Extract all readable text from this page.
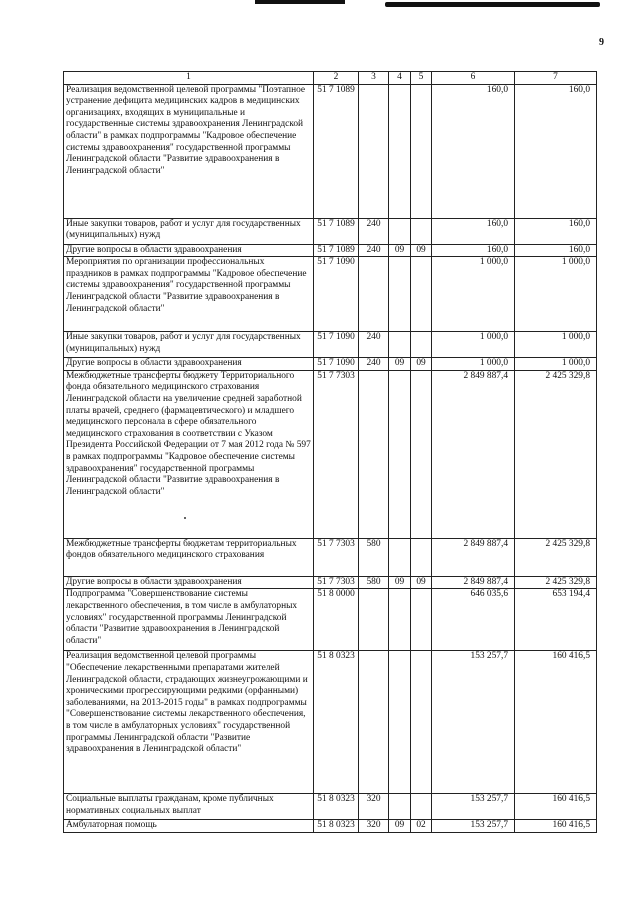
9
1	2	3	4	5	6	7
Реализация ведомственной целевой программы "Поэтапное устранение дефицита медицинских кадров в медицинских организациях, входящих в муниципальные и государственные системы здравоохранения Ленинградской области" в рамках подпрограммы "Кадровое обеспечение системы здравоохранения" государственной программы Ленинградской области "Развитие здравоохранения в Ленинградской области"	51 7 1089				160,0	160,0
Иные закупки товаров, работ и услуг для государственных (муниципальных) нужд	51 7 1089	240			160,0	160,0
Другие вопросы в области здравоохранения	51 7 1089	240	09	09	160,0	160,0
Мероприятия по организации профессиональных праздников в рамках подпрограммы "Кадровое обеспечение системы здравоохранения" государственной программы Ленинградской области "Развитие здравоохранения в Ленинградской области"	51 7 1090				1 000,0	1 000,0
Иные закупки товаров, работ и услуг для государственных (муниципальных) нужд	51 7 1090	240			1 000,0	1 000,0
Другие вопросы в области здравоохранения	51 7 1090	240	09	09	1 000,0	1 000,0
Межбюджетные трансферты бюджету Территориального фонда обязательного медицинского страхования Ленинградской области на увеличение средней заработной платы врачей, среднего (фармацевтического) и младшего медицинского персонала в сфере обязательного медицинского страхования в соответствии с Указом Президента Российской Федерации от 7 мая 2012 года № 597 в рамках подпрограммы "Кадровое обеспечение системы здравоохранения" государственной программы Ленинградской области "Развитие здравоохранения в Ленинградской области"	51 7 7303				2 849 887,4	2 425 329,8
Межбюджетные трансферты бюджетам территориальных фондов обязательного медицинского страхования	51 7 7303	580			2 849 887,4	2 425 329,8
Другие вопросы в области здравоохранения	51 7 7303	580	09	09	2 849 887,4	2 425 329,8
Подпрограмма "Совершенствование системы лекарственного обеспечения, в том числе в амбулаторных условиях" государственной программы Ленинградской области "Развитие здравоохранения в Ленинградской области"	51 8 0000				646 035,6	653 194,4
Реализация ведомственной целевой программы "Обеспечение лекарственными препаратами жителей Ленинградской области, страдающих жизнеугрожающими и хроническими прогрессирующими редкими (орфанными) заболеваниями, на 2013-2015 годы" в рамках подпрограммы "Совершенствование системы лекарственного обеспечения, в том числе в амбулаторных условиях" государственной программы Ленинградской области "Развитие здравоохранения в Ленинградской области"	51 8 0323				153 257,7	160 416,5
Социальные выплаты гражданам, кроме публичных нормативных социальных выплат	51 8 0323	320			153 257,7	160 416,5
Амбулаторная помощь	51 8 0323	320	09	02	153 257,7	160 416,5
